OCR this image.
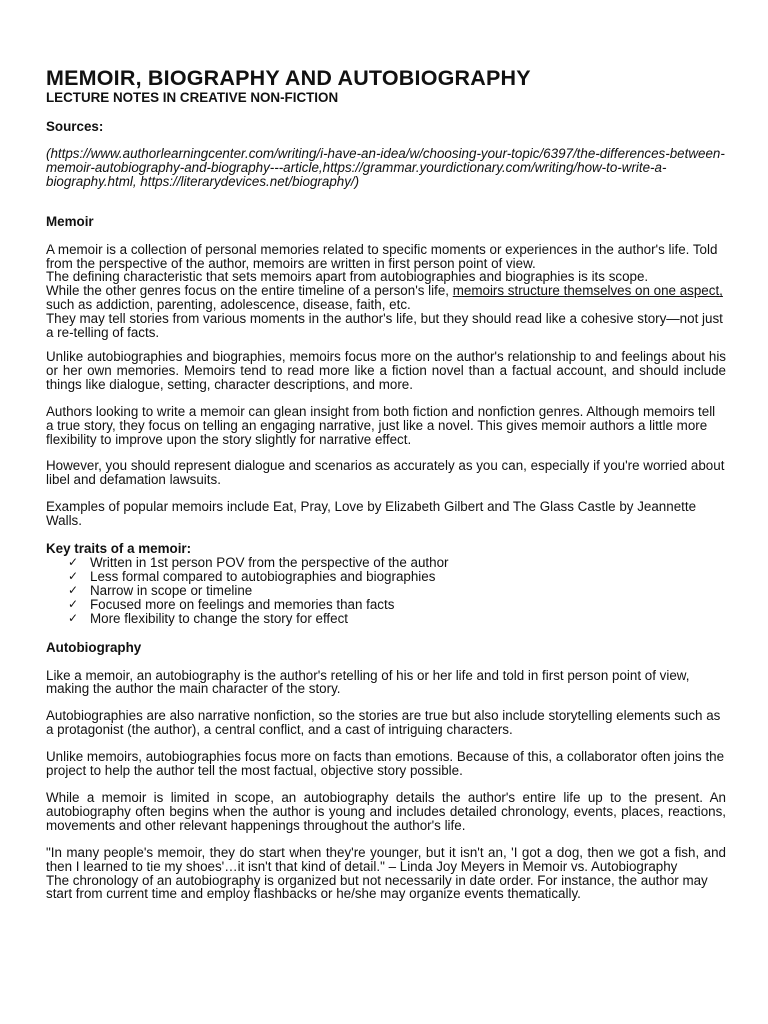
MEMOIR, BIOGRAPHY AND AUTOBIOGRAPHY
LECTURE NOTES IN CREATIVE NON-FICTION
Sources:

(https://www.authorlearningcenter.com/writing/i-have-an-idea/w/choosing-your-topic/6397/the-differences-between-memoir-autobiography-and-biography---article,https://grammar.yourdictionary.com/writing/how-to-write-a-biography.html, https://literarydevices.net/biography/)

Memoir

A memoir is a collection of personal memories related to specific moments or experiences in the author's life. Told from the perspective of the author, memoirs are written in first person point of view.

The defining characteristic that sets memoirs apart from autobiographies and biographies is its scope.

While the other genres focus on the entire timeline of a person's life, memoirs structure themselves on one aspect, such as addiction, parenting, adolescence, disease, faith, etc.

They may tell stories from various moments in the author's life, but they should read like a cohesive story—not just a re-telling of facts.

Unlike autobiographies and biographies, memoirs focus more on the author's relationship to and feelings about his or her own memories. Memoirs tend to read more like a fiction novel than a factual account, and should include things like dialogue, setting, character descriptions, and more.

Authors looking to write a memoir can glean insight from both fiction and nonfiction genres. Although memoirs tell a true story, they focus on telling an engaging narrative, just like a novel. This gives memoir authors a little more flexibility to improve upon the story slightly for narrative effect.

However, you should represent dialogue and scenarios as accurately as you can, especially if you're worried about libel and defamation lawsuits.

Examples of popular memoirs include Eat, Pray, Love by Elizabeth Gilbert and The Glass Castle by Jeannette Walls.

Key traits of a memoir:
✓ Written in 1st person POV from the perspective of the author
✓ Less formal compared to autobiographies and biographies
✓ Narrow in scope or timeline
✓ Focused more on feelings and memories than facts
✓ More flexibility to change the story for effect
Autobiography

Like a memoir, an autobiography is the author's retelling of his or her life and told in first person point of view, making the author the main character of the story.

Autobiographies are also narrative nonfiction, so the stories are true but also include storytelling elements such as a protagonist (the author), a central conflict, and a cast of intriguing characters.

Unlike memoirs, autobiographies focus more on facts than emotions. Because of this, a collaborator often joins the project to help the author tell the most factual, objective story possible.

While a memoir is limited in scope, an autobiography details the author's entire life up to the present. An autobiography often begins when the author is young and includes detailed chronology, events, places, reactions, movements and other relevant happenings throughout the author's life.

"In many people's memoir, they do start when they're younger, but it isn't an, 'I got a dog, then we got a fish, and then I learned to tie my shoes'…it isn't that kind of detail." – Linda Joy Meyers in Memoir vs. Autobiography

The chronology of an autobiography is organized but not necessarily in date order. For instance, the author may start from current time and employ flashbacks or he/she may organize events thematically.
